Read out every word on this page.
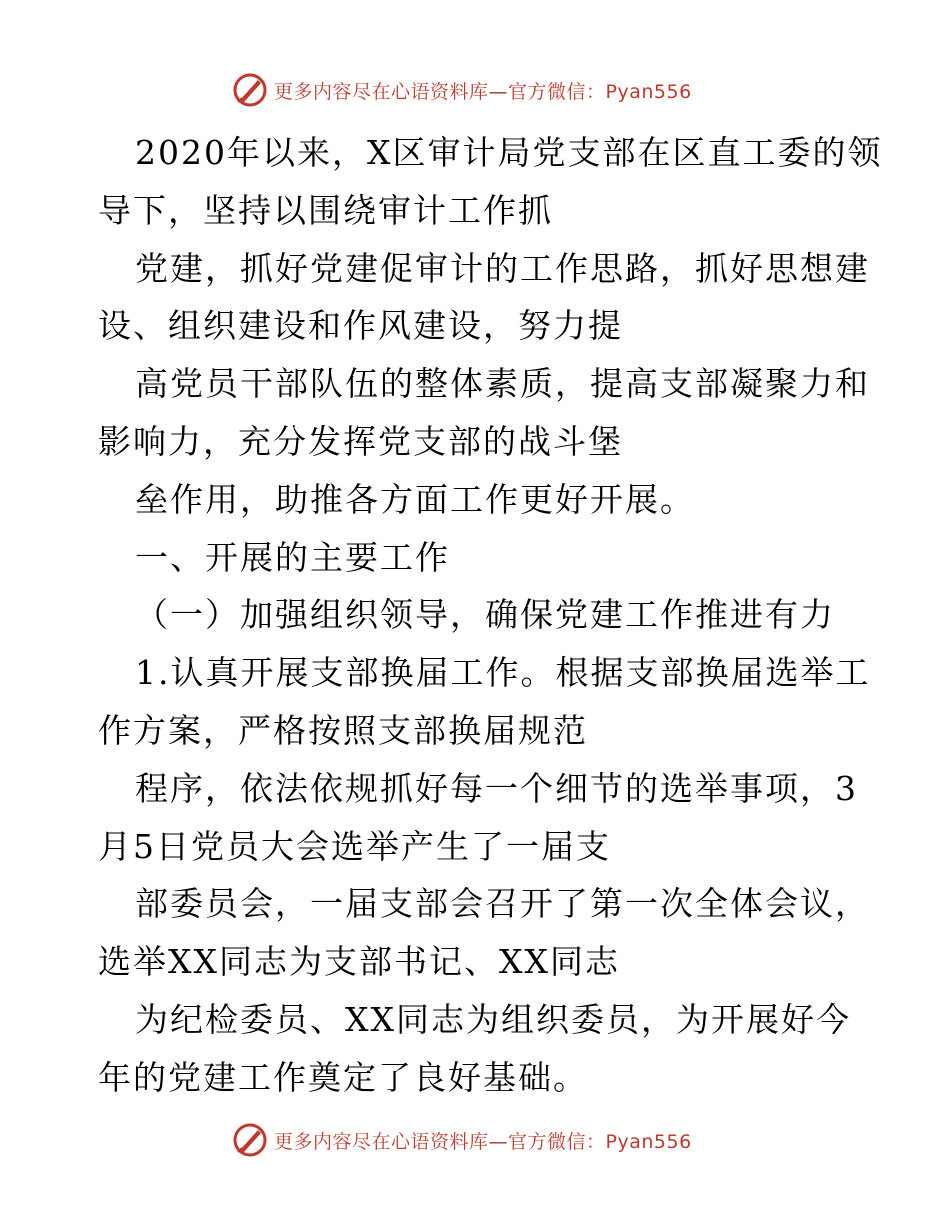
更多内容尽在心语资料库—官方微信：Pyan556
2020年以来，X区审计局党支部在区直工委的领
导下，坚持以围绕审计工作抓
党建，抓好党建促审计的工作思路，抓好思想建
设、组织建设和作风建设，努力提
高党员干部队伍的整体素质，提高支部凝聚力和
影响力，充分发挥党支部的战斗堡
垒作用，助推各方面工作更好开展。
一、开展的主要工作
（一）加强组织领导，确保党建工作推进有力
1.认真开展支部换届工作。根据支部换届选举工
作方案，严格按照支部换届规范
程序，依法依规抓好每一个细节的选举事项，3
月5日党员大会选举产生了一届支
部委员会，一届支部会召开了第一次全体会议，
选举XX同志为支部书记、XX同志
为纪检委员、XX同志为组织委员，为开展好今
年的党建工作奠定了良好基础。
更多内容尽在心语资料库—官方微信：Pyan556
